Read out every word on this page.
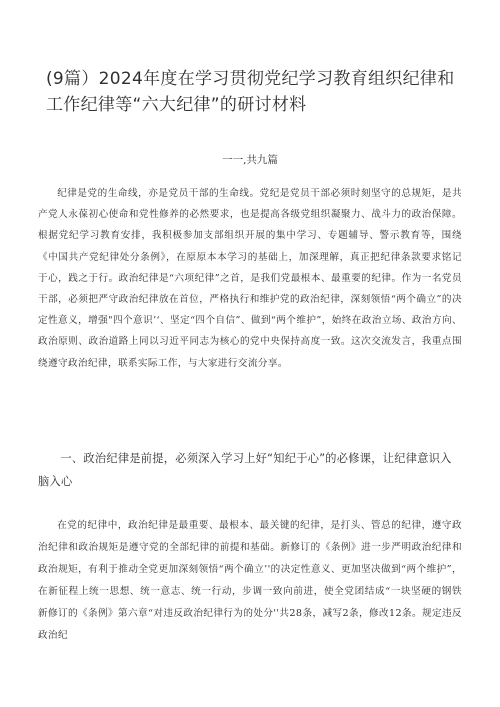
(9篇）2024年度在学习贯彻党纪学习教育组织纪律和工作纪律等“六大纪律”的研讨材料
一一,共九篇
纪律是党的生命线，亦是党员干部的生命线。党纪是党员干部必须时刻坚守的总规矩，是共产党人永葆初心使命和党性修养的必然要求，也是提高各级党组织凝聚力、战斗力的政治保障。根据党纪学习教育安排，我积极参加支部组织开展的集中学习、专题辅导、警示教育等，围绕《中国共产党纪律处分条例》，在原原本本学习的基础上，加深理解，真正把纪律条款要求铭记于心，践之于行。政治纪律是“六项纪律”之首，是我们党最根本、最重要的纪律。作为一名党员干部，必须把严守政治纪律放在首位，严格执行和维护党的政治纪律，深刻领悟“两个确立”的决定性意义，增强"四个意识’‘、坚定“四个自信”、做到“两个维护”，始终在政治立场、政治方向、政治原则、政治道路上同以习近平同志为核心的党中央保持高度一致。这次交流发言，我重点围绕遵守政治纪律，联系实际工作，与大家进行交流分享。
一、政治纪律是前提，必须深入学习上好“知纪于心”的必修课，让纪律意识入脑入心
在党的纪律中，政治纪律是最重要、最根本、最关键的纪律，是打头、管总的纪律，遵守政治纪律和政治规矩是遵守党的全部纪律的前提和基础。新修订的《条例》进一步严明政治纪律和政治规矩，有利于推动全党更加深刻领悟“两个确立’'的决定性意义、更加坚决做到“两个维护”，在新征程上统一思想、统一意志、统一行动，步调一致向前进，使全党团结成“一块坚硬的钢铁新修订的《条例》第六章“对违反政治纪律行为的处分''共28条，减写2条，修改12条。规定违反政治纪
